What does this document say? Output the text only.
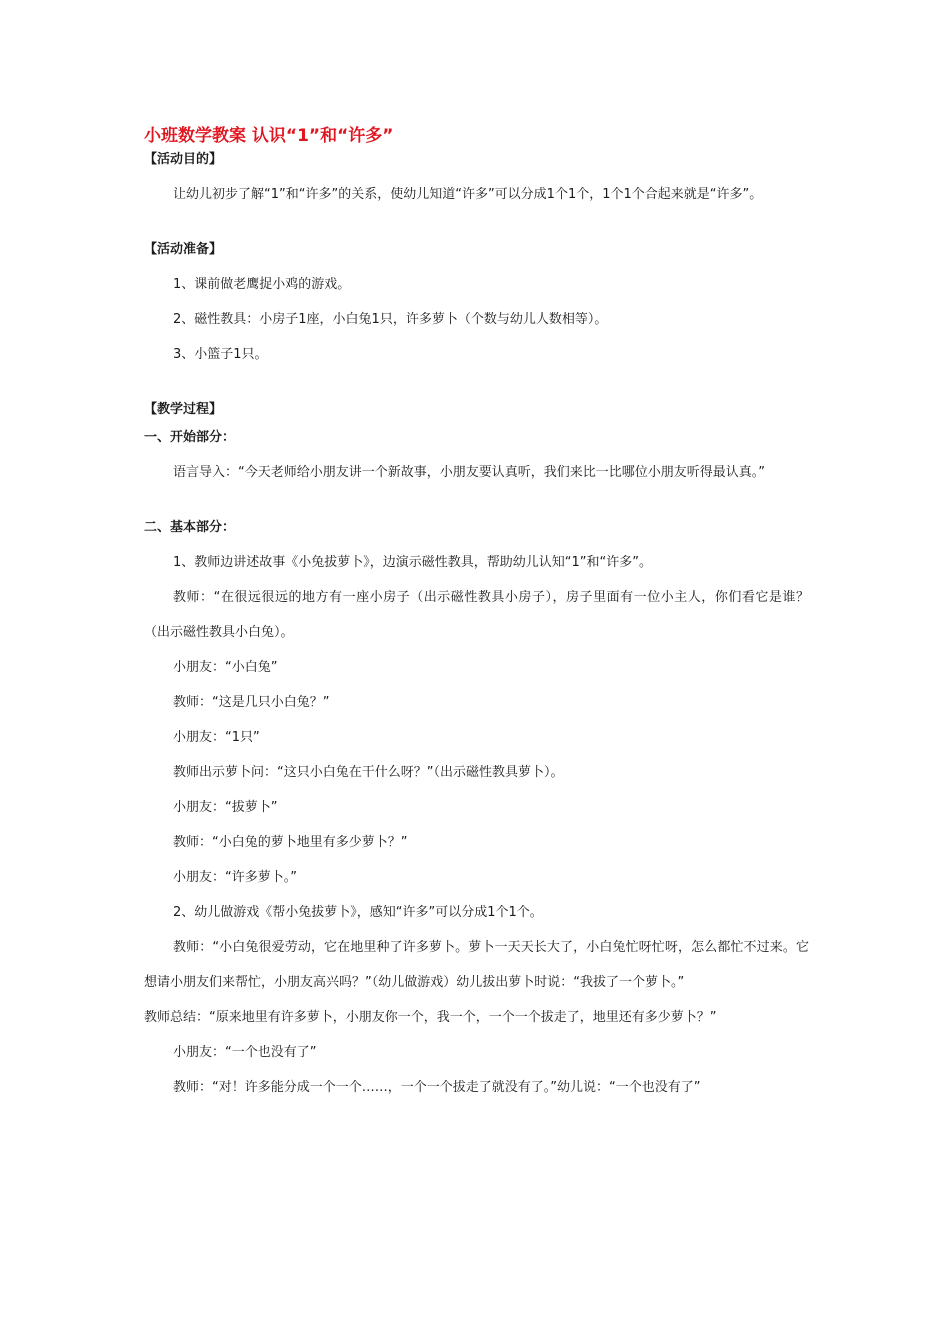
小班数学教案 认识“1”和“许多”

【活动目的】

让幼儿初步了解“1”和“许多”的关系，使幼儿知道“许多”可以分成1个1个，1个1个合起来就是“许多”。

【活动准备】

1、课前做老鹰捉小鸡的游戏。

2、磁性教具：小房子1座，小白兔1只，许多萝卜（个数与幼儿人数相等）。

3、小篮子1只。

【教学过程】

一、开始部分：

语言导入：“今天老师给小朋友讲一个新故事，小朋友要认真听，我们来比一比哪位小朋友听得最认真。”

二、基本部分：

1、教师边讲述故事《小兔拔萝卜》，边演示磁性教具，帮助幼儿认知“1”和“许多”。

教师：“在很远很远的地方有一座小房子（出示磁性教具小房子），房子里面有一位小主人，你们看它是谁？（出示磁性教具小白兔）。

小朋友：“小白兔”

教师：“这是几只小白兔？”

小朋友：“1只”

教师出示萝卜问：“这只小白兔在干什么呀？”（出示磁性教具萝卜）。

小朋友：“拔萝卜”

教师：“小白兔的萝卜地里有多少萝卜？”

小朋友：“许多萝卜。”

2、幼儿做游戏《帮小兔拔萝卜》，感知“许多”可以分成1个1个。

教师：“小白兔很爱劳动，它在地里种了许多萝卜。萝卜一天天长大了，小白兔忙呀忙呀，怎么都忙不过来。它想请小朋友们来帮忙，小朋友高兴吗？”（幼儿做游戏）幼儿拔出萝卜时说：“我拔了一个萝卜。”

教师总结：“原来地里有许多萝卜，小朋友你一个，我一个，一个一个拔走了，地里还有多少萝卜？”

小朋友：“一个也没有了”

教师：“对！许多能分成一个一个……，一个一个拔走了就没有了。”幼儿说：“一个也没有了”
